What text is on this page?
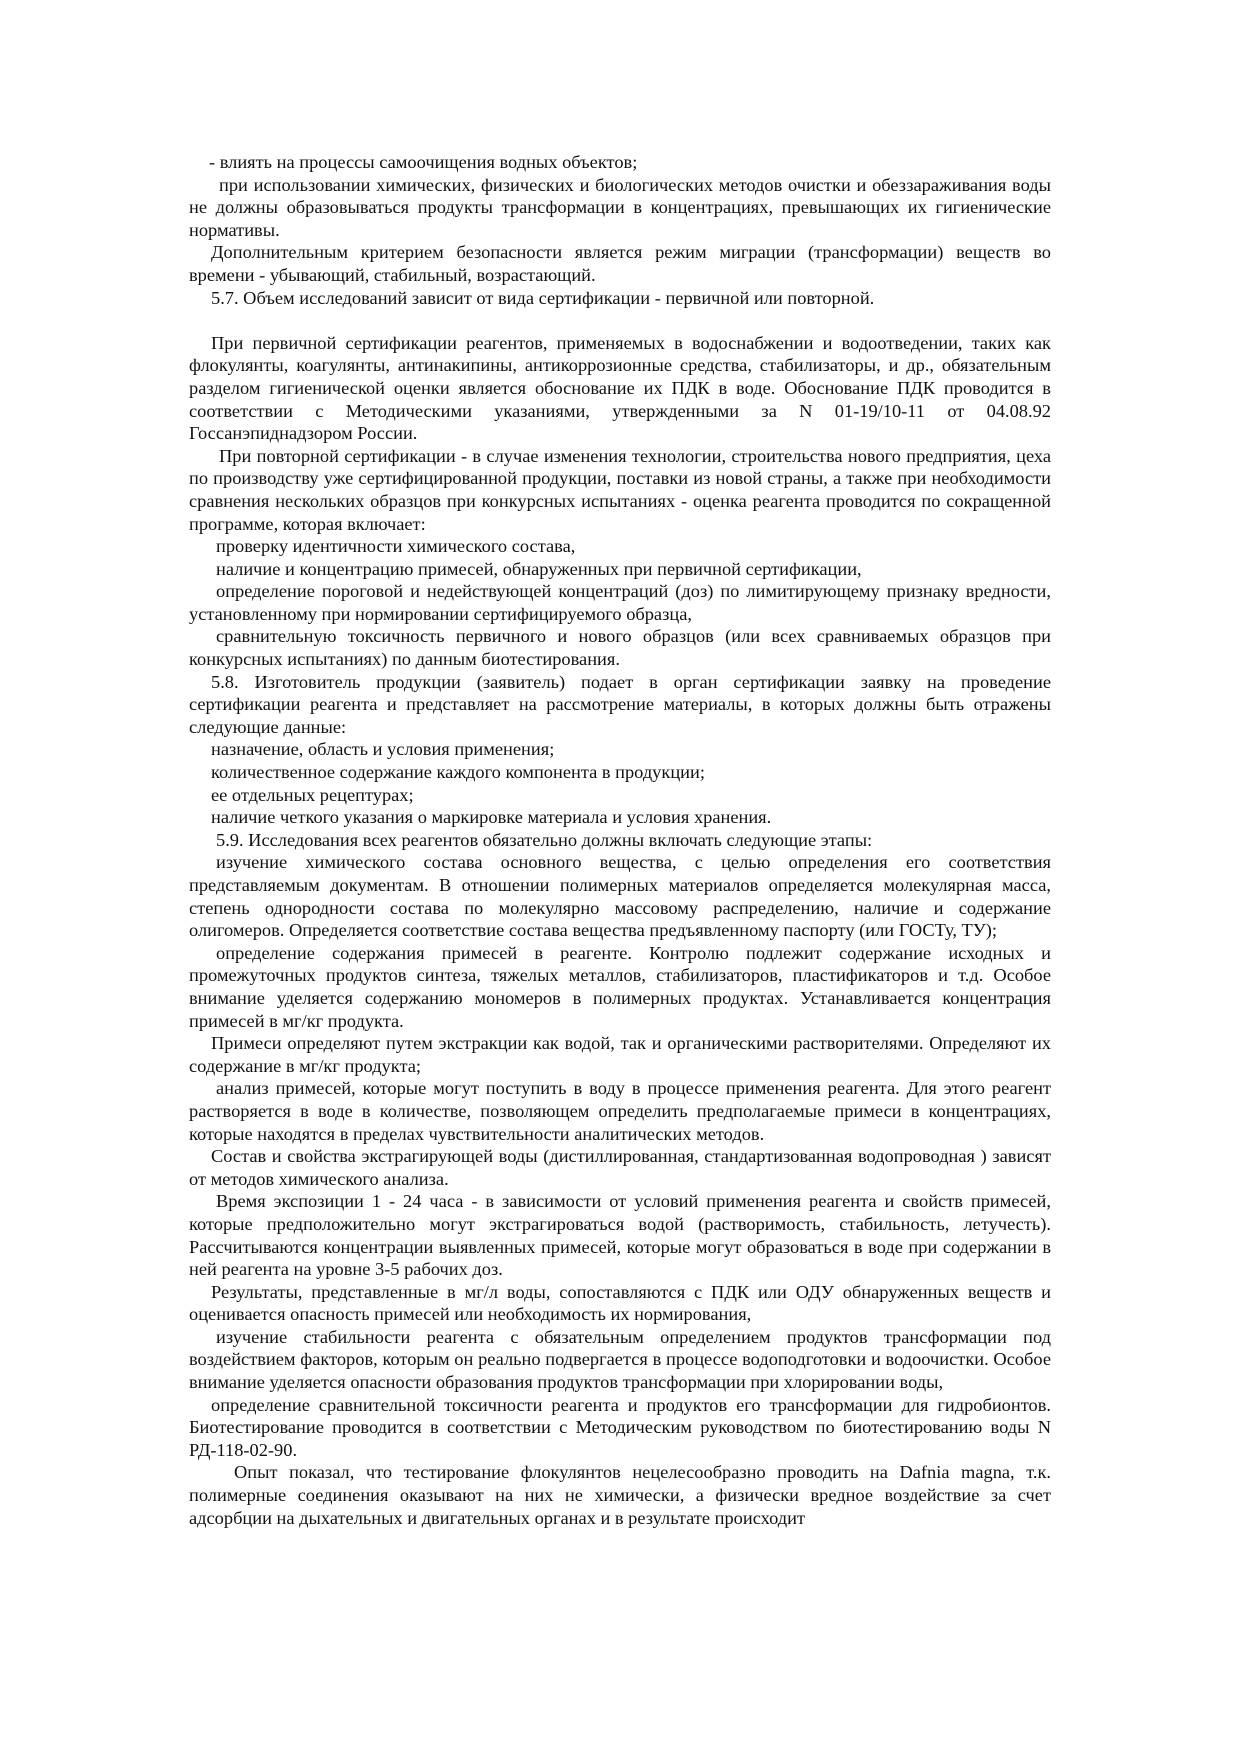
- влиять на процессы самоочищения водных объектов;

при использовании химических, физических и биологических методов очистки и обеззараживания воды не должны образовываться продукты трансформации в концентрациях, превышающих их гигиенические нормативы.

Дополнительным критерием безопасности является режим миграции (трансформации) веществ во времени - убывающий, стабильный, возрастающий.

5.7. Объем исследований зависит от вида сертификации - первичной или повторной.

При первичной сертификации реагентов, применяемых в водоснабжении и водоотведении, таких как флокулянты, коагулянты, антинакипины, антикоррозионные средства, стабилизаторы, и др., обязательным разделом гигиенической оценки является обоснование их ПДК в воде. Обоснование ПДК проводится в соответствии с Методическими указаниями, утвержденными за N 01-19/10-11 от 04.08.92 Госсанэпиднадзором России.

При повторной сертификации - в случае изменения технологии, строительства нового предприятия, цеха по производству уже сертифицированной продукции, поставки из новой страны, а также при необходимости сравнения нескольких образцов при конкурсных испытаниях - оценка реагента проводится по сокращенной программе, которая включает:

проверку идентичности химического состава,

наличие и концентрацию примесей, обнаруженных при первичной сертификации,

определение пороговой и недействующей концентраций (доз) по лимитирующему признаку вредности, установленному при нормировании сертифицируемого образца,

сравнительную токсичность первичного и нового образцов (или всех сравниваемых образцов при конкурсных испытаниях) по данным биотестирования.

5.8. Изготовитель продукции (заявитель) подает в орган сертификации заявку на проведение сертификации реагента и представляет на рассмотрение материалы, в которых должны быть отражены следующие данные:

назначение, область и условия применения;

количественное содержание каждого компонента в продукции;

ее отдельных рецептурах;

наличие четкого указания о маркировке материала и условия хранения.

5.9. Исследования всех реагентов обязательно должны включать следующие этапы:

изучение химического состава основного вещества, с целью определения его соответствия представляемым документам. В отношении полимерных материалов определяется молекулярная масса, степень однородности состава по молекулярно массовому распределению, наличие и содержание олигомеров. Определяется соответствие состава вещества предъявленному паспорту (или ГОСТу, ТУ);

определение содержания примесей в реагенте. Контролю подлежит содержание исходных и промежуточных продуктов синтеза, тяжелых металлов, стабилизаторов, пластификаторов и т.д. Особое внимание уделяется содержанию мономеров в полимерных продуктах. Устанавливается концентрация примесей в мг/кг продукта.

Примеси определяют путем экстракции как водой, так и органическими растворителями. Определяют их содержание в мг/кг продукта;

анализ примесей, которые могут поступить в воду в процессе применения реагента. Для этого реагент растворяется в воде в количестве, позволяющем определить предполагаемые примеси в концентрациях, которые находятся в пределах чувствительности аналитических методов.

Состав и свойства экстрагирующей воды (дистиллированная, стандартизованная водопроводная ) зависят от методов химического анализа.

Время экспозиции 1 - 24 часа - в зависимости от условий применения реагента и свойств примесей, которые предположительно могут экстрагироваться водой (растворимость, стабильность, летучесть). Рассчитываются концентрации выявленных примесей, которые могут образоваться в воде при содержании в ней реагента на уровне 3-5 рабочих доз.

Результаты, представленные в мг/л воды, сопоставляются с ПДК или ОДУ обнаруженных веществ и оценивается опасность примесей или необходимость их нормирования,

изучение стабильности реагента с обязательным определением продуктов трансформации под воздействием факторов, которым он реально подвергается в процессе водоподготовки и водоочистки. Особое внимание уделяется опасности образования продуктов трансформации при хлорировании воды,

определение сравнительной токсичности реагента и продуктов его трансформации для гидробионтов. Биотестирование проводится в соответствии с Методическим руководством по биотестированию воды N РД-118-02-90.

Опыт показал, что тестирование флокулянтов нецелесообразно проводить на Dafnia magna, т.к. полимерные соединения оказывают на них не химически, а физически вредное воздействие за счет адсорбции на дыхательных и двигательных органах и в результате происходит
